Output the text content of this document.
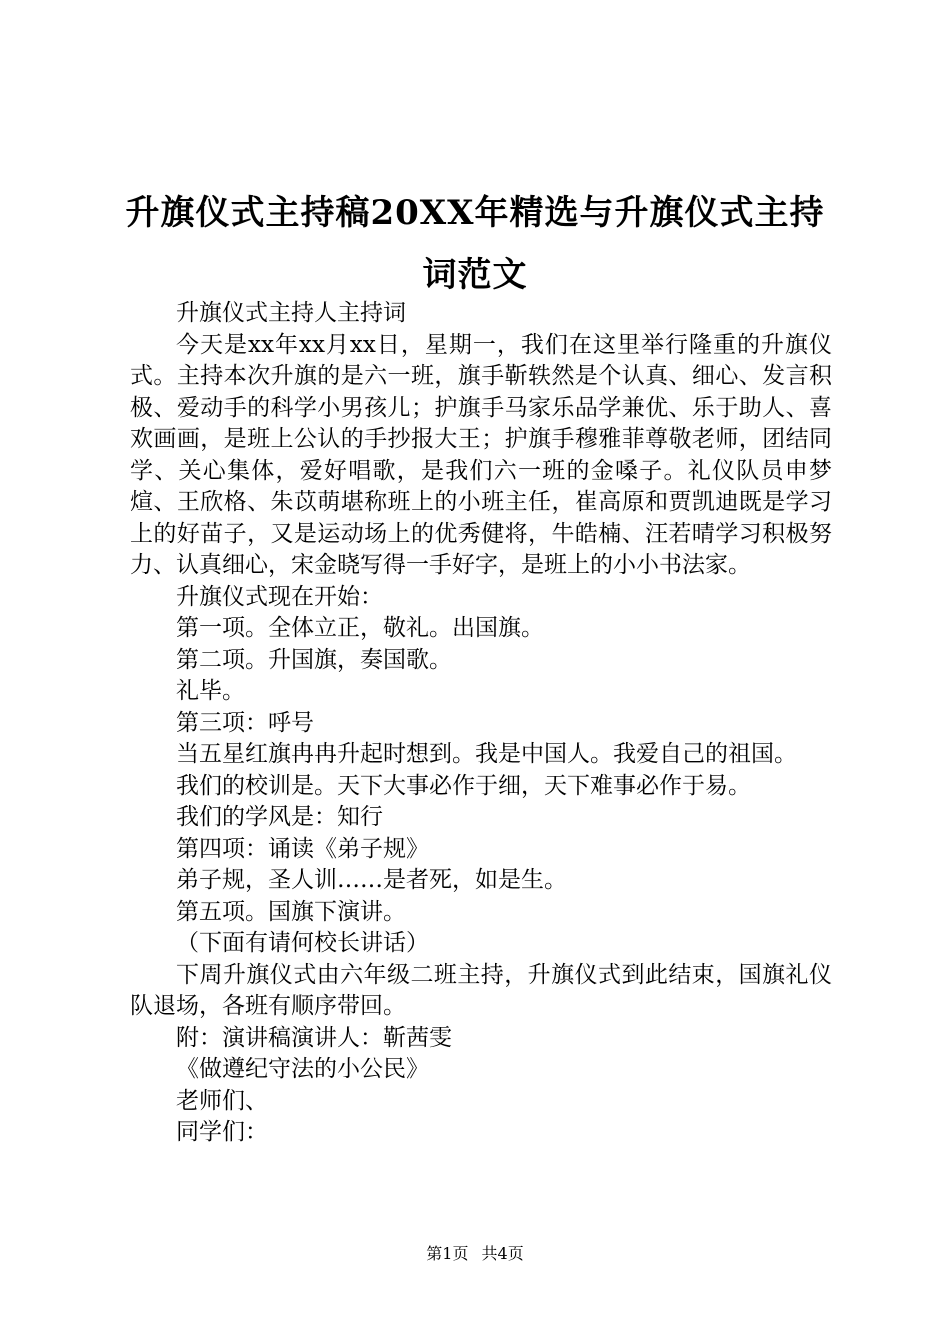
升旗仪式主持稿20XX年精选与升旗仪式主持
词范文

升旗仪式主持人主持词

今天是xx年xx月xx日，星期一，我们在这里举行隆重的升旗仪式。主持本次升旗的是六一班，旗手靳轶然是个认真、细心、发言积极、爱动手的科学小男孩儿；护旗手马家乐品学兼优、乐于助人、喜欢画画，是班上公认的手抄报大王；护旗手穆雅菲尊敬老师，团结同学、关心集体，爱好唱歌，是我们六一班的金嗓子。礼仪队员申梦煊、王欣格、朱苡萌堪称班上的小班主任，崔高原和贾凯迪既是学习上的好苗子，又是运动场上的优秀健将，牛皓楠、汪若晴学习积极努力、认真细心，宋金晓写得一手好字，是班上的小小书法家。

升旗仪式现在开始：

第一项。全体立正，敬礼。出国旗。

第二项。升国旗，奏国歌。

礼毕。

第三项：呼号

当五星红旗冉冉升起时想到。我是中国人。我爱自己的祖国。

我们的校训是。天下大事必作于细，天下难事必作于易。

我们的学风是：知行

第四项：诵读《弟子规》

弟子规，圣人训……是者死，如是生。

第五项。国旗下演讲。

（下面有请何校长讲话）

下周升旗仪式由六年级二班主持，升旗仪式到此结束，国旗礼仪队退场，各班有顺序带回。

附：演讲稿演讲人：靳茜雯

《做遵纪守法的小公民》

老师们、

同学们：

第1页 共4页
